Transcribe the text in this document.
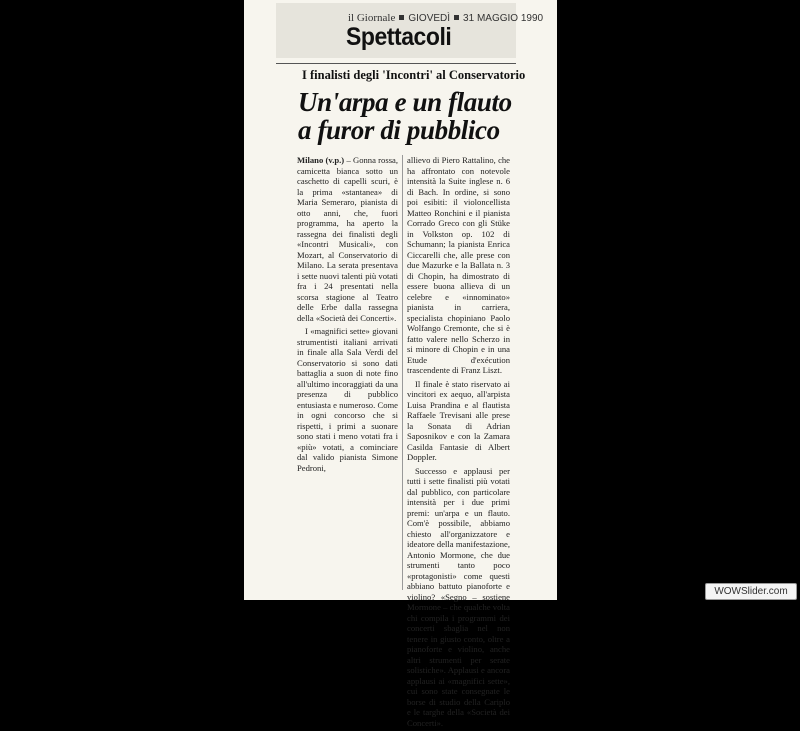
il Giornale GIOVEDÌ 31 MAGGIO 1990
Spettacoli
I finalisti degli 'Incontri' al Conservatorio
Un'arpa e un flauto a furor di pubblico

Milano (v.p.) – Gonna rossa, camicetta bianca sotto un caschetto di capelli scuri, è la prima «stantanea» di Maria Semeraro, pianista di otto anni, che, fuori programma, ha aperto la rassegna dei finalisti degli «Incontri Musicali», con Mozart, al Conservatorio di Milano. La serata presentava i sette nuovi talenti più votati fra i 24 presentati nella scorsa stagione al Teatro delle Erbe dalla rassegna della «Società dei Concerti».

I «magnifici sette» giovani strumentisti italiani arrivati in finale alla Sala Verdi del Conservatorio si sono dati battaglia a suon di note fino all'ultimo incoraggiati da una presenza di pubblico entusiasta e numeroso. Come in ogni concorso che si rispetti, i primi a suonare sono stati i meno votati fra i «più» votati, a cominciare dal valido pianista Simone Pedroni,

allievo di Piero Rattalino, che ha affrontato con notevole intensità la Suite inglese n. 6 di Bach. In ordine, si sono poi esibiti: il violoncellista Matteo Ronchini e il pianista Corrado Greco con gli Stüke in Volkston op. 102 di Schumann; la pianista Enrica Ciccarelli che, alle prese con due Mazurke e la Ballata n. 3 di Chopin, ha dimostrato di essere buona allieva di un celebre e «innominato» pianista in carriera, specialista chopiniano Paolo Wolfango Cremonte, che si è fatto valere nello Scherzo in si minore di Chopin e in una Etude d'exécution trascendente di Franz Liszt.

Il finale è stato riservato ai vincitori ex aequo, all'arpista Luisa Prandina e al flautista Raffaele Trevisani alle prese la Sonata di Adrian Saposnikov e con la Zamara Casilda Fantasie di Albert Doppler.

Successo e applausi per tutti i sette finalisti più votati dal pubblico, con particolare intensità per i due primi premi: un'arpa e un flauto. Com'è possibile, abbiamo chiesto all'organizzatore e ideatore della manifestazione, Antonio Mormone, che due strumenti tanto poco «protagonisti» come questi abbiano battuto pianoforte e violino? «Segno – sostiene Mormone – che qualche volta chi compila i programmi dei concerti sbaglia nel non tenere in giusto conto, oltre a pianoforte e violino, anche altri strumenti per serate solistiche». Applausi e ancora applausi ai «magnifici sette», cui sono state consegnate le borse di studio della Cariplo e le targhe della «Società dei Concerti».

WOWSlider.com
